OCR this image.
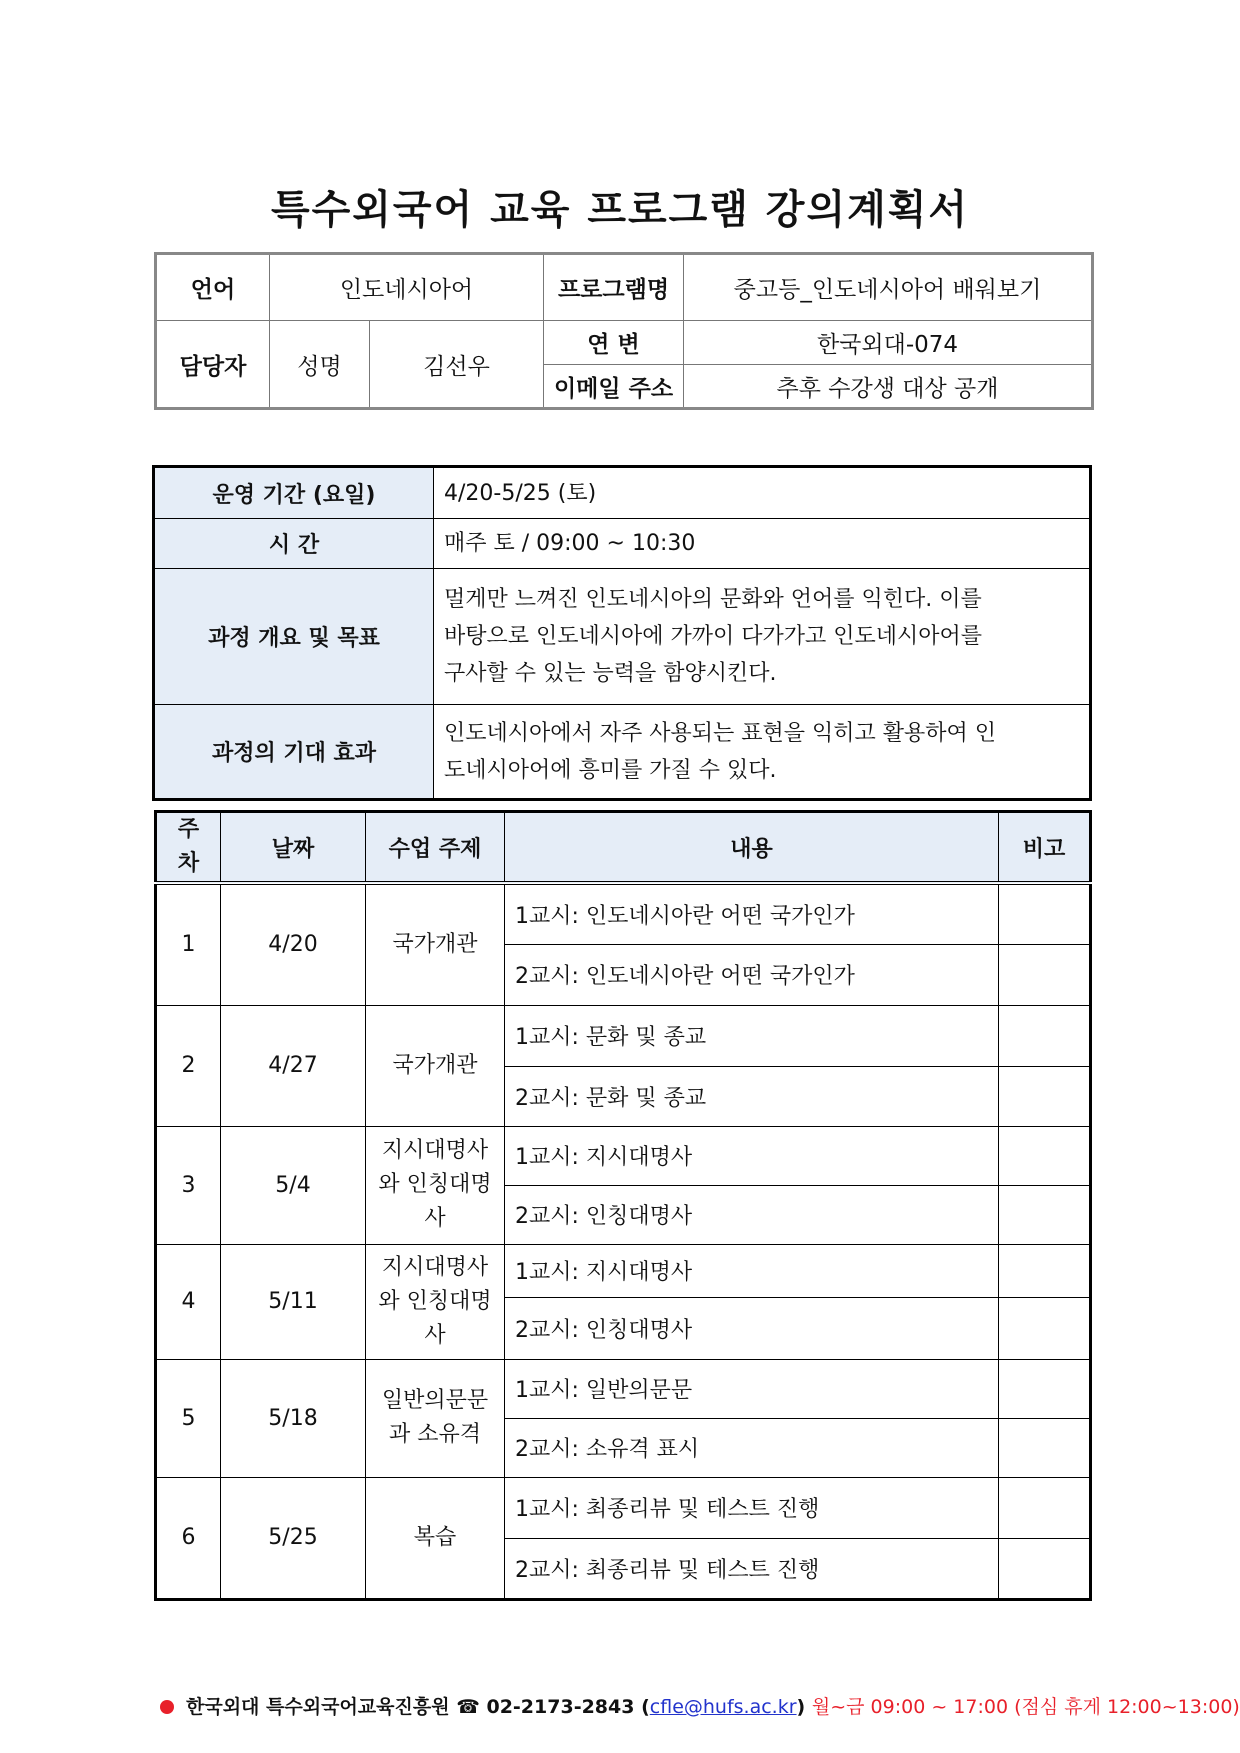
특수외국어 교육 프로그램 강의계획서
언어	인도네시아어		프로그램명	중고등_인도네시아어 배워보기
담당자	성명	김선우	연 변	한국외대-074
			이메일 주소	추후 수강생 대상 공개
운영 기간 (요일)	4/20-5/25 (토)
시 간	매주 토 / 09:00 ~ 10:30
과정 개요 및 목표	멀게만 느껴진 인도네시아의 문화와 언어를 익힌다. 이를 바탕으로 인도네시아에 가까이 다가가고 인도네시아어를 구사할 수 있는 능력을 함양시킨다.
과정의 기대 효과	인도네시아에서 자주 사용되는 표현을 익히고 활용하여 인도네시아어에 흥미를 가질 수 있다.
주차	날짜	수업 주제	내용	비고
1	4/20	국가개관	1교시: 인도네시아란 어떤 국가인가	
			2교시: 인도네시아란 어떤 국가인가	
2	4/27	국가개관	1교시: 문화 및 종교	
			2교시: 문화 및 종교	
3	5/4	지시대명사 와 인칭대명사	1교시: 지시대명사	
			2교시: 인칭대명사	
4	5/11	지시대명사 와 인칭대명사	1교시: 지시대명사	
			2교시: 인칭대명사	
5	5/18	일반의문문 과 소유격	1교시: 일반의문문	
			2교시: 소유격 표시	
6	5/25	복습	1교시: 최종리뷰 및 테스트 진행	
			2교시: 최종리뷰 및 테스트 진행	
한국외대 특수외국어교육진흥원 ☎ 02-2173-2843 (cfle@hufs.ac.kr) 월~금 09:00 ~ 17:00 (점심 휴게 12:00~13:00)
